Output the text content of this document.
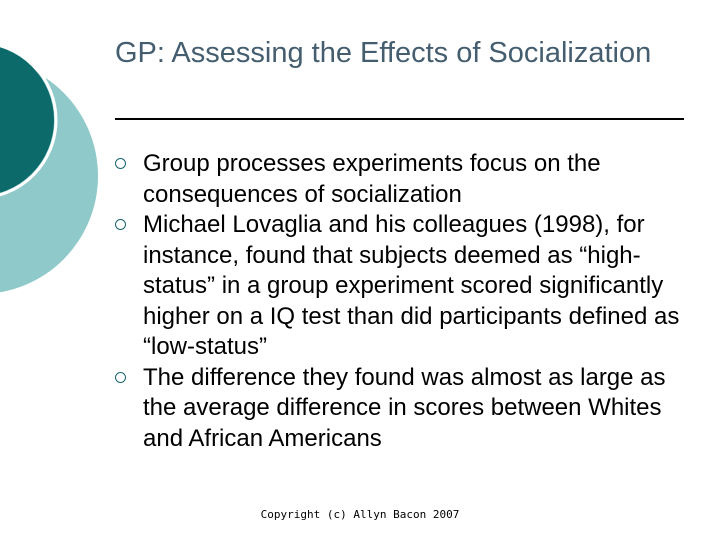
GP: Assessing the Effects of Socialization
Group processes experiments focus on the consequences of socialization
Michael Lovaglia and his colleagues (1998), for instance, found that subjects deemed as “high-status” in a group experiment scored significantly higher on a IQ test than did participants defined as “low-status”
The difference they found was almost as large as the average difference in scores between Whites and African Americans
Copyright (c) Allyn Bacon 2007
